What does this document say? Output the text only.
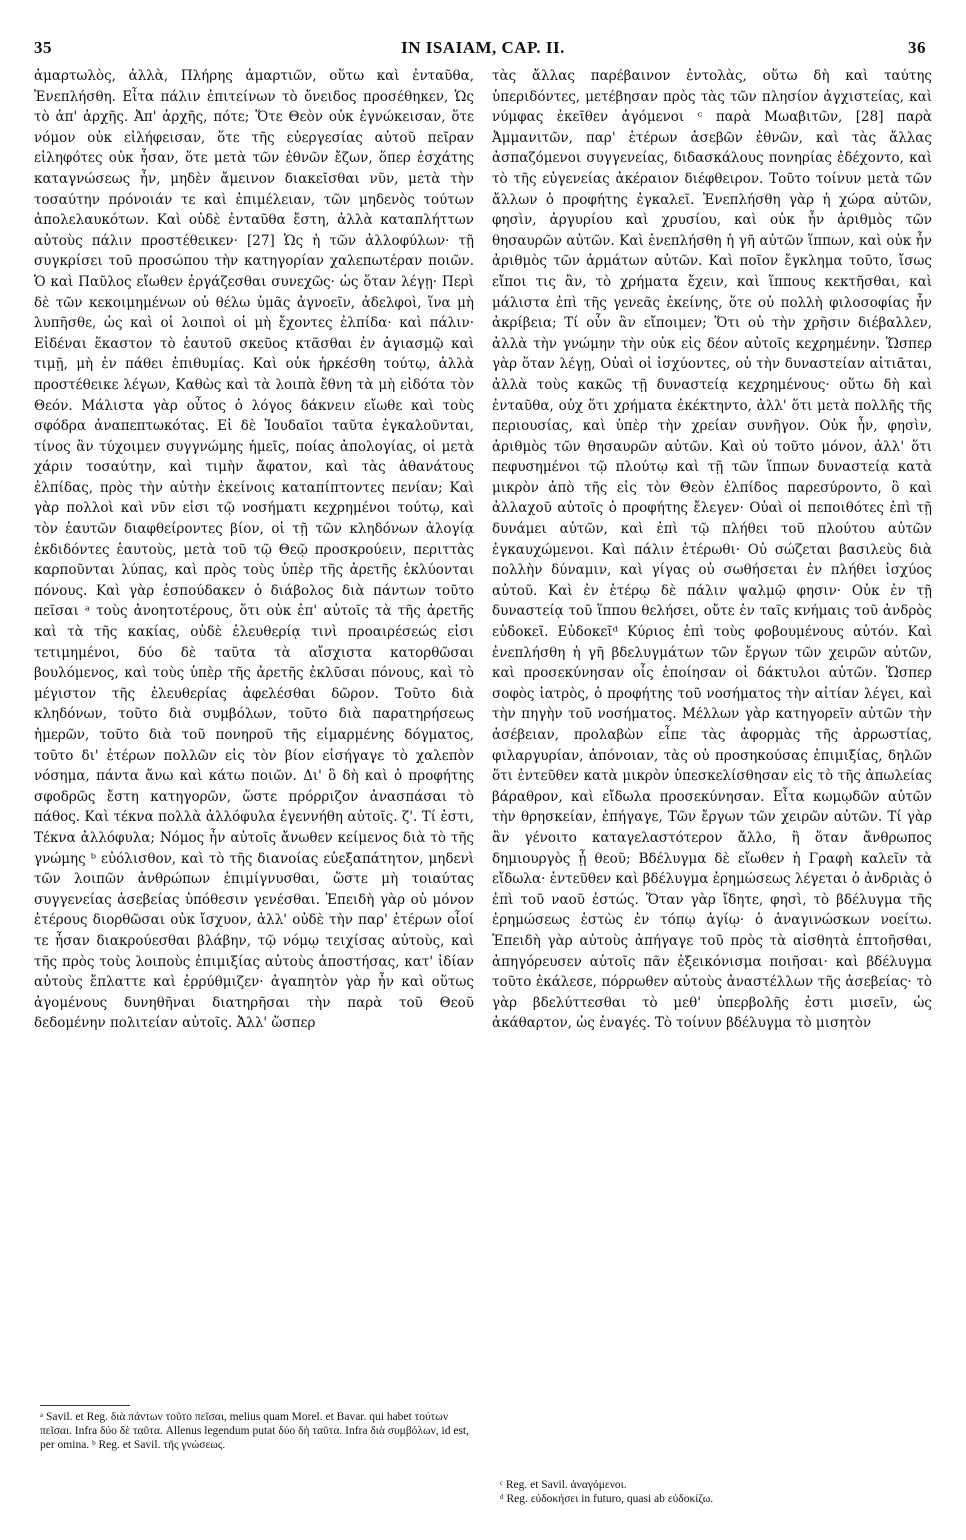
35	IN ISAIAM, CAP. II.	36

ἁμαρτωλὸς, ἀλλὰ, Πλήρης ἁμαρτιῶν, οὕτω καὶ ἐνταῦθα, Ἐνεπλήσθη. Εἶτα πάλιν ἐπιτείνων τὸ ὄνειδος προσέθηκεν, Ὡς τὸ ἀπ' ἀρχῆς. Ἀπ' ἀρχῆς, πότε; Ὅτε Θεὸν οὐκ ἐγνώκεισαν, ὅτε νόμον οὐκ εἰλήφεισαν, ὅτε τῆς εὐεργεσίας αὐτοῦ πεῖραν εἰληφότες οὐκ ἦσαν, ὅτε μετὰ τῶν ἐθνῶν ἔζων, ὅπερ ἐσχάτης καταγνώσεως ἦν, μηδὲν ἄμεινον διακεῖσθαι νῦν, μετὰ τὴν τοσαύτην πρόνοιάν τε καὶ ἐπιμέλειαν, τῶν μηδενὸς τούτων ἀπολελαυκότων. Καὶ οὐδὲ ἐνταῦθα ἔστη, ἀλλὰ καταπλήττων αὐτοὺς πάλιν προστέθεικεν· [27] Ὡς ἡ τῶν ἀλλοφύλων· τῇ συγκρίσει τοῦ προσώπου τὴν κατηγορίαν χαλεπωτέραν ποιῶν. Ὁ καὶ Παῦλος εἴωθεν ἐργάζεσθαι συνεχῶς· ὡς ὅταν λέγῃ· Περὶ δὲ τῶν κεκοιμημένων οὐ θέλω ὑμᾶς ἀγνοεῖν, ἀδελφοὶ, ἵνα μὴ λυπῆσθε, ὡς καὶ οἱ λοιποὶ οἱ μὴ ἔχοντες ἐλπίδα· καὶ πάλιν· Εἰδέναι ἕκαστον τὸ ἑαυτοῦ σκεῦος κτᾶσθαι ἐν ἁγιασμῷ καὶ τιμῇ, μὴ ἐν πάθει ἐπιθυμίας. Καὶ οὐκ ἠρκέσθη τούτῳ, ἀλλὰ προστέθεικε λέγων, Καθὼς καὶ τὰ λοιπὰ ἔθνη τὰ μὴ εἰδότα τὸν Θεόν. Μάλιστα γὰρ οὗτος ὁ λόγος δάκνειν εἴωθε καὶ τοὺς σφόδρα ἀναπεπτωκότας. Εἰ δὲ Ἰουδαῖοι ταῦτα ἐγκαλοῦνται, τίνος ἂν τύχοιμεν συγγνώμης ἡμεῖς, ποίας ἀπολογίας, οἱ μετὰ χάριν τοσαύτην, καὶ τιμὴν ἄφατον, καὶ τὰς ἀθανάτους ἐλπίδας, πρὸς τὴν αὐτὴν ἐκείνοις καταπίπτοντες πενίαν; Καὶ γὰρ πολλοὶ καὶ νῦν εἰσι τῷ νοσήματι κεχρημένοι τούτῳ, καὶ τὸν ἑαυτῶν διαφθείροντες βίον, οἱ τῇ τῶν κληδόνων ἀλογίᾳ ἐκδιδόντες ἑαυτοὺς, μετὰ τοῦ τῷ Θεῷ προσκρούειν, περιττὰς καρποῦνται λύπας, καὶ πρὸς τοὺς ὑπὲρ τῆς ἀρετῆς ἐκλύονται πόνους. Καὶ γὰρ ἐσπούδακεν ὁ διάβολος διὰ πάντων τοῦτο πεῖσαι ᵃ τοὺς ἀνοητοτέρους, ὅτι οὐκ ἐπ' αὐτοῖς τὰ τῆς ἀρετῆς καὶ τὰ τῆς κακίας, οὐδὲ ἐλευθερίᾳ τινὶ προαιρέσεώς εἰσι τετιμημένοι, δύο δὲ ταῦτα τὰ αἴσχιστα κατορθῶσαι βουλόμενος, καὶ τοὺς ὑπὲρ τῆς ἀρετῆς ἐκλῦσαι πόνους, καὶ τὸ μέγιστον τῆς ἐλευθερίας ἀφελέσθαι δῶρον. Τοῦτο διὰ κληδόνων, τοῦτο διὰ συμβόλων, τοῦτο διὰ παρατηρήσεως ἡμερῶν, τοῦτο διὰ τοῦ πονηροῦ τῆς εἱμαρμένης δόγματος, τοῦτο δι' ἑτέρων πολλῶν εἰς τὸν βίον εἰσήγαγε τὸ χαλεπὸν νόσημα, πάντα ἄνω καὶ κάτω ποιῶν. Δι' ὃ δὴ καὶ ὁ προφήτης σφοδρῶς ἔστη κατηγορῶν, ὥστε πρόρριζον ἀνασπάσαι τὸ πάθος. Καὶ τέκνα πολλὰ ἀλλόφυλα ἐγεννήθη αὐτοῖς. ζ'. Τί ἐστι, Τέκνα ἀλλόφυλα; Νόμος ἦν αὐτοῖς ἄνωθεν κείμενος διὰ τὸ τῆς γνώμης ᵇ εὐόλισθον, καὶ τὸ τῆς διανοίας εὐεξαπάτητον, μηδενὶ τῶν λοιπῶν ἀνθρώπων ἐπιμίγνυσθαι, ὥστε μὴ τοιαύτας συγγενείας ἀσεβείας ὑπόθεσιν γενέσθαι. Ἐπειδὴ γὰρ οὐ μόνον ἑτέρους διορθῶσαι οὐκ ἴσχυον, ἀλλ' οὐδὲ τὴν παρ' ἑτέρων οἷοί τε ἦσαν διακρούεσθαι βλάβην, τῷ νόμῳ τειχίσας αὐτοὺς, καὶ τῆς πρὸς τοὺς λοιποὺς ἐπιμιξίας αὐτοὺς ἀποστήσας, κατ' ἰδίαν αὐτοὺς ἔπλαττε καὶ ἐρρύθμιζεν· ἀγαπητὸν γὰρ ἦν καὶ οὕτως ἀγομένους δυνηθῆναι διατηρῆσαι τὴν παρὰ τοῦ Θεοῦ δεδομένην πολιτείαν αὐτοῖς. Ἀλλ' ὥσπερ

τὰς ἄλλας παρέβαινον ἐντολὰς, οὕτω δὴ καὶ ταύτης ὑπεριδόντες, μετέβησαν πρὸς τὰς τῶν πλησίον ἀγχιστείας, καὶ νύμφας ἐκεῖθεν ἀγόμενοι ᶜ παρὰ Μωαβιτῶν, [28] παρὰ Ἀμμανιτῶν, παρ' ἑτέρων ἀσεβῶν ἐθνῶν, καὶ τὰς ἄλλας ἀσπαζόμενοι συγγενείας, διδασκάλους πονηρίας ἐδέχοντο, καὶ τὸ τῆς εὐγενείας ἀκέραιον διέφθειρον. Τοῦτο τοίνυν μετὰ τῶν ἄλλων ὁ προφήτης ἐγκαλεῖ. Ἐνεπλήσθη γὰρ ἡ χώρα αὐτῶν, φησὶν, ἀργυρίου καὶ χρυσίου, καὶ οὐκ ἦν ἀριθμὸς τῶν θησαυρῶν αὐτῶν. Καὶ ἐνεπλήσθη ἡ γῆ αὐτῶν ἵππων, καὶ οὐκ ἦν ἀριθμὸς τῶν ἁρμάτων αὐτῶν. Καὶ ποῖον ἔγκλημα τοῦτο, ἴσως εἴποι τις ἂν, τὸ χρήματα ἔχειν, καὶ ἵππους κεκτῆσθαι, καὶ μάλιστα ἐπὶ τῆς γενεᾶς ἐκείνης, ὅτε οὐ πολλὴ φιλοσοφίας ἦν ἀκρίβεια; Τί οὖν ἂν εἴποιμεν; Ὅτι οὐ τὴν χρῆσιν διέβαλλεν, ἀλλὰ τὴν γνώμην τὴν οὐκ εἰς δέον αὐτοῖς κεχρημένην. Ὥσπερ γὰρ ὅταν λέγῃ, Οὐαὶ οἱ ἰσχύοντες, οὐ τὴν δυναστείαν αἰτιᾶται, ἀλλὰ τοὺς κακῶς τῇ δυναστείᾳ κεχρημένους· οὕτω δὴ καὶ ἐνταῦθα, οὐχ ὅτι χρήματα ἐκέκτηντο, ἀλλ' ὅτι μετὰ πολλῆς τῆς περιουσίας, καὶ ὑπὲρ τὴν χρείαν συνῆγον. Οὐκ ἦν, φησὶν, ἀριθμὸς τῶν θησαυρῶν αὐτῶν. Καὶ οὐ τοῦτο μόνον, ἀλλ' ὅτι πεφυσημένοι τῷ πλούτῳ καὶ τῇ τῶν ἵππων δυναστείᾳ κατὰ μικρὸν ἀπὸ τῆς εἰς τὸν Θεὸν ἐλπίδος παρεσύροντο, ὃ καὶ ἀλλαχοῦ αὐτοῖς ὁ προφήτης ἔλεγεν· Οὐαὶ οἱ πεποιθότες ἐπὶ τῇ δυνάμει αὐτῶν, καὶ ἐπὶ τῷ πλήθει τοῦ πλούτου αὐτῶν ἐγκαυχώμενοι. Καὶ πάλιν ἑτέρωθι· Οὐ σώζεται βασιλεὺς διὰ πολλὴν δύναμιν, καὶ γίγας οὐ σωθήσεται ἐν πλήθει ἰσχύος αὐτοῦ. Καὶ ἐν ἑτέρῳ δὲ πάλιν ψαλμῷ φησιν· Οὐκ ἐν τῇ δυναστείᾳ τοῦ ἵππου θελήσει, οὔτε ἐν ταῖς κνήμαις τοῦ ἀνδρὸς εὐδοκεῖ. Εὐδοκεῖᵈ Κύριος ἐπὶ τοὺς φοβουμένους αὐτόν. Καὶ ἐνεπλήσθη ἡ γῆ βδελυγμάτων τῶν ἔργων τῶν χειρῶν αὐτῶν, καὶ προσεκύνησαν οἷς ἐποίησαν οἱ δάκτυλοι αὐτῶν. Ὥσπερ σοφὸς ἰατρὸς, ὁ προφήτης τοῦ νοσήματος τὴν αἰτίαν λέγει, καὶ τὴν πηγὴν τοῦ νοσήματος. Μέλλων γὰρ κατηγορεῖν αὐτῶν τὴν ἀσέβειαν, προλαβὼν εἶπε τὰς ἀφορμὰς τῆς ἀρρωστίας, φιλαργυρίαν, ἀπόνοιαν, τὰς οὐ προσηκούσας ἐπιμιξίας, δηλῶν ὅτι ἐντεῦθεν κατὰ μικρὸν ὑπεσκελίσθησαν εἰς τὸ τῆς ἀπωλείας βάραθρον, καὶ εἴδωλα προσεκύνησαν. Εἶτα κωμῳδῶν αὐτῶν τὴν θρησκείαν, ἐπήγαγε, Τῶν ἔργων τῶν χειρῶν αὐτῶν. Τί γὰρ ἂν γένοιτο καταγελαστότερον ἄλλο, ἢ ὅταν ἄνθρωπος δημιουργὸς ᾖ θεοῦ; Βδέλυγμα δὲ εἴωθεν ἡ Γραφὴ καλεῖν τὰ εἴδωλα· ἐντεῦθεν καὶ βδέλυγμα ἐρημώσεως λέγεται ὁ ἀνδριὰς ὁ ἐπὶ τοῦ ναοῦ ἐστώς. Ὅταν γὰρ ἴδητε, φησὶ, τὸ βδέλυγμα τῆς ἐρημώσεως ἑστὼς ἐν τόπῳ ἁγίῳ· ὁ ἀναγινώσκων νοείτω. Ἐπειδὴ γὰρ αὐτοὺς ἀπήγαγε τοῦ πρὸς τὰ αἰσθητὰ ἐπτοῆσθαι, ἀπηγόρευσεν αὐτοῖς πᾶν ἐξεικόνισμα ποιῆσαι· καὶ βδέλυγμα τοῦτο ἐκάλεσε, πόρρωθεν αὐτοὺς ἀναστέλλων τῆς ἀσεβείας· τὸ γὰρ βδελύττεσθαι τὸ μεθ' ὑπερβολῆς ἐστι μισεῖν, ὡς ἀκάθαρτον, ὡς ἐναγές. Τὸ τοίνυν βδέλυγμα τὸ μισητὸν

ᵃ Savil. et Reg. διὰ πάντων τοῦτο πεῖσαι, melius quam Morel. et Bavar. qui habet τούτων πεῖσαι. Infra δύο δὲ ταῦτα. Allenus legendum putat δύο δὴ ταῦτα. Infra διὰ συμβόλων, id est, per omina. ᵇ Reg. et Savil. τῆς γνώσεως.

ᶜ Reg. et Savil. ἀναγόμενοι.

ᵈ Reg. εὐδοκήσει in futuro, quasi ab εὐδοκίζω.
